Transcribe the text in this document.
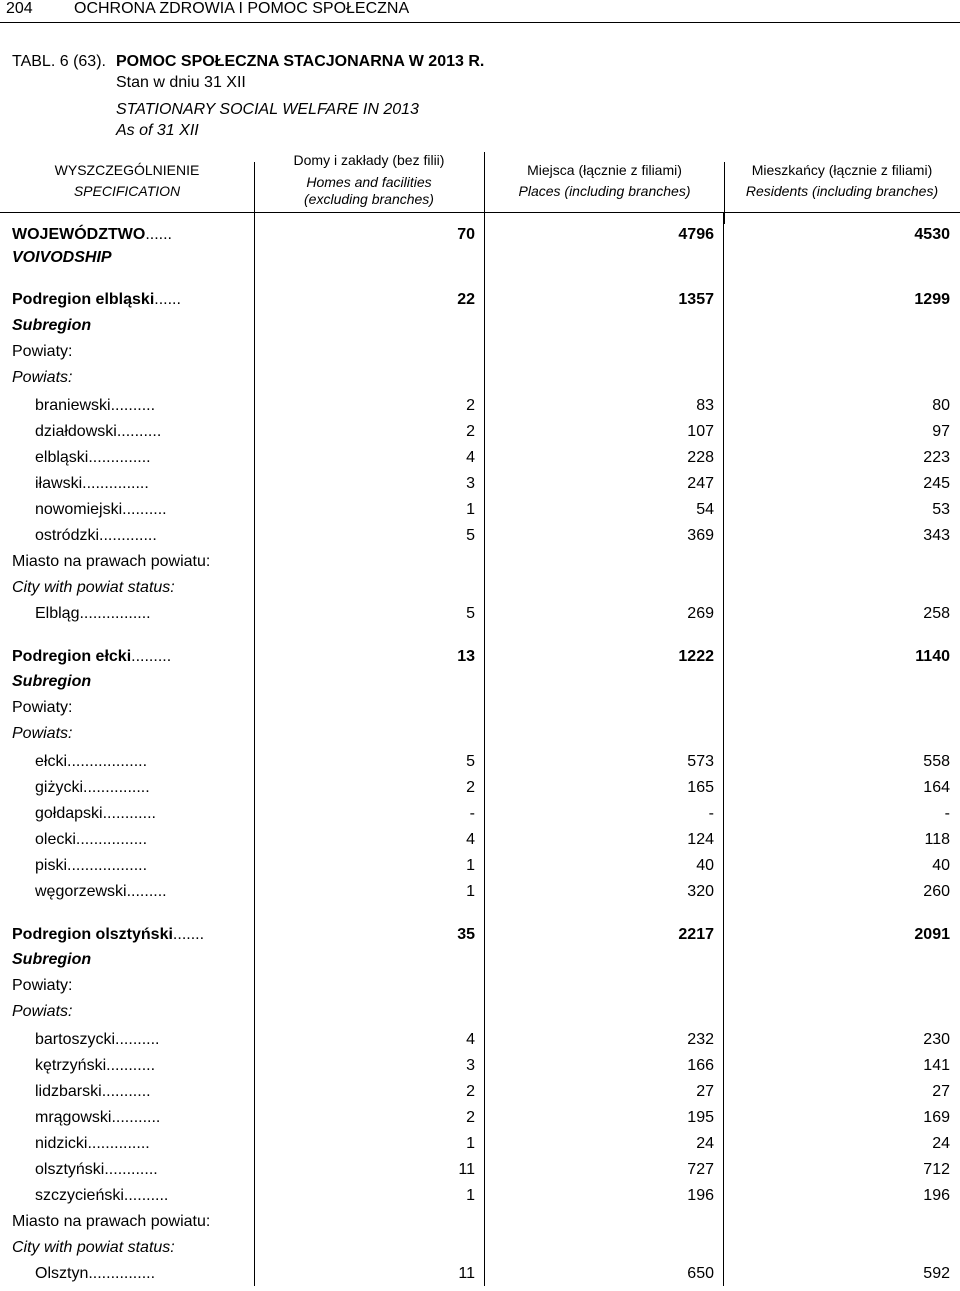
204	OCHRONA ZDROWIA I POMOC SPOŁECZNA
TABL. 6 (63). POMOC SPOŁECZNA STACJONARNA W 2013 R.
Stan w dniu 31 XII
STATIONARY SOCIAL WELFARE IN 2013
As of 31 XII
WYSZCZEGÓLNIENIE
SPECIFICATION
Domy i zakłady (bez filii)
Homes and facilities
(excluding branches)
Miejsca (łącznie z filiami)
Places (including branches)
Mieszkańcy (łącznie z filiami)
Residents (including branches)
WOJEWÓDZTWO......	70	4796	4530
VOIVODSHIP
Podregion elbląski......	22	1357	1299
Subregion
Powiaty:
Powiats:
braniewski..........	2	83	80
działdowski..........	2	107	97
elbląski..............	4	228	223
iławski...............	3	247	245
nowomiejski..........	1	54	53
ostródzki.............	5	369	343
Miasto na prawach powiatu:
City with powiat status:
Elbląg................	5	269	258
Podregion ełcki.........	13	1222	1140
Subregion
Powiaty:
Powiats:
ełcki..................	5	573	558
giżycki...............	2	165	164
gołdapski............	-	-	-
olecki................	4	124	118
piski..................	1	40	40
węgorzewski.........	1	320	260
Podregion olsztyński.......	35	2217	2091
Subregion
Powiaty:
Powiats:
bartoszycki..........	4	232	230
kętrzyński...........	3	166	141
lidzbarski...........	2	27	27
mrągowski...........	2	195	169
nidzicki..............	1	24	24
olsztyński............	11	727	712
szczycieński..........	1	196	196
Miasto na prawach powiatu:
City with powiat status:
Olsztyn...............	11	650	592
